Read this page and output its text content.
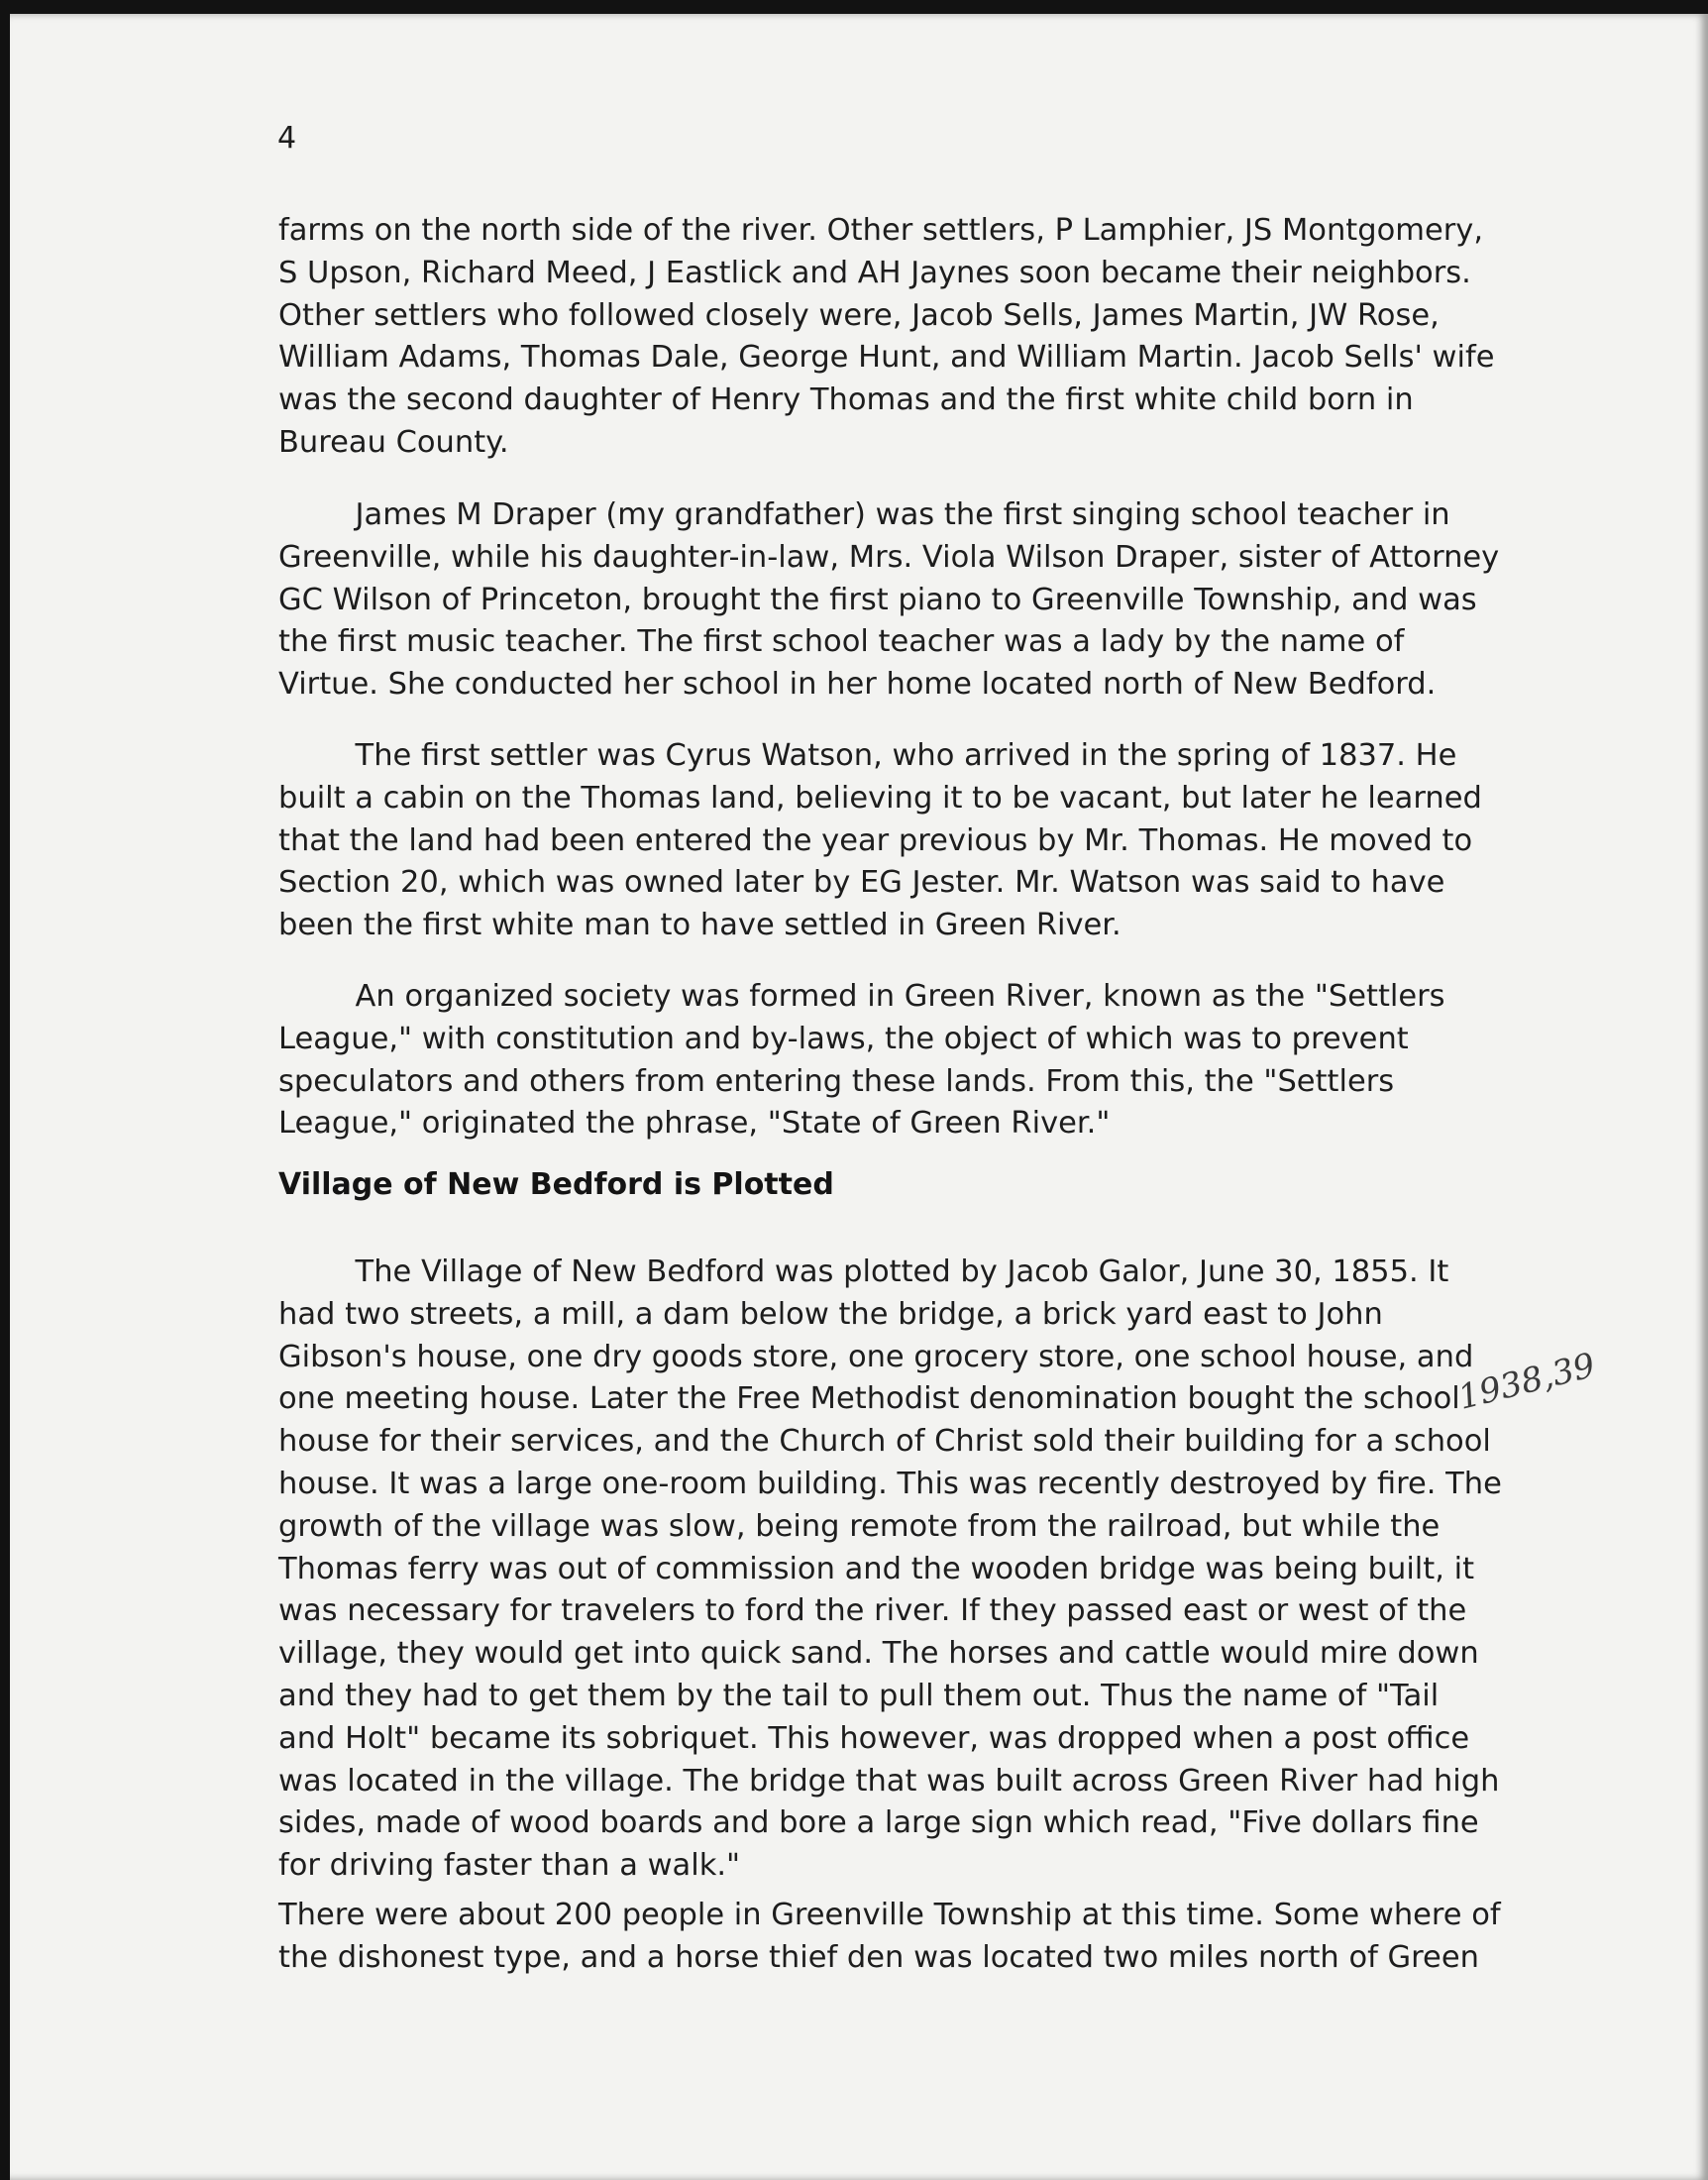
4

farms on the north side of the river. Other settlers, P Lamphier, JS Montgomery,
S Upson, Richard Meed, J Eastlick and AH Jaynes soon became their neighbors.
Other settlers who followed closely were, Jacob Sells, James Martin, JW Rose,
William Adams, Thomas Dale, George Hunt, and William Martin. Jacob Sells' wife
was the second daughter of Henry Thomas and the first white child born in
Bureau County.

James M Draper (my grandfather) was the first singing school teacher in
Greenville, while his daughter-in-law, Mrs. Viola Wilson Draper, sister of Attorney
GC Wilson of Princeton, brought the first piano to Greenville Township, and was
the first music teacher. The first school teacher was a lady by the name of
Virtue. She conducted her school in her home located north of New Bedford.

The first settler was Cyrus Watson, who arrived in the spring of 1837. He
built a cabin on the Thomas land, believing it to be vacant, but later he learned
that the land had been entered the year previous by Mr. Thomas. He moved to
Section 20, which was owned later by EG Jester. Mr. Watson was said to have
been the first white man to have settled in Green River.

An organized society was formed in Green River, known as the "Settlers
League," with constitution and by-laws, the object of which was to prevent
speculators and others from entering these lands. From this, the "Settlers
League," originated the phrase, "State of Green River."

Village of New Bedford is Plotted

The Village of New Bedford was plotted by Jacob Galor, June 30, 1855. It
had two streets, a mill, a dam below the bridge, a brick yard east to John
Gibson's house, one dry goods store, one grocery store, one school house, and
one meeting house. Later the Free Methodist denomination bought the school
house for their services, and the Church of Christ sold their building for a school
house. It was a large one-room building. This was recently destroyed by fire. The
growth of the village was slow, being remote from the railroad, but while the
Thomas ferry was out of commission and the wooden bridge was being built, it
was necessary for travelers to ford the river. If they passed east or west of the
village, they would get into quick sand. The horses and cattle would mire down
and they had to get them by the tail to pull them out. Thus the name of "Tail
and Holt" became its sobriquet. This however, was dropped when a post office
was located in the village. The bridge that was built across Green River had high
sides, made of wood boards and bore a large sign which read, "Five dollars fine
for driving faster than a walk."

There were about 200 people in Greenville Township at this time. Some where of
the dishonest type, and a horse thief den was located two miles north of Green

1938,39
